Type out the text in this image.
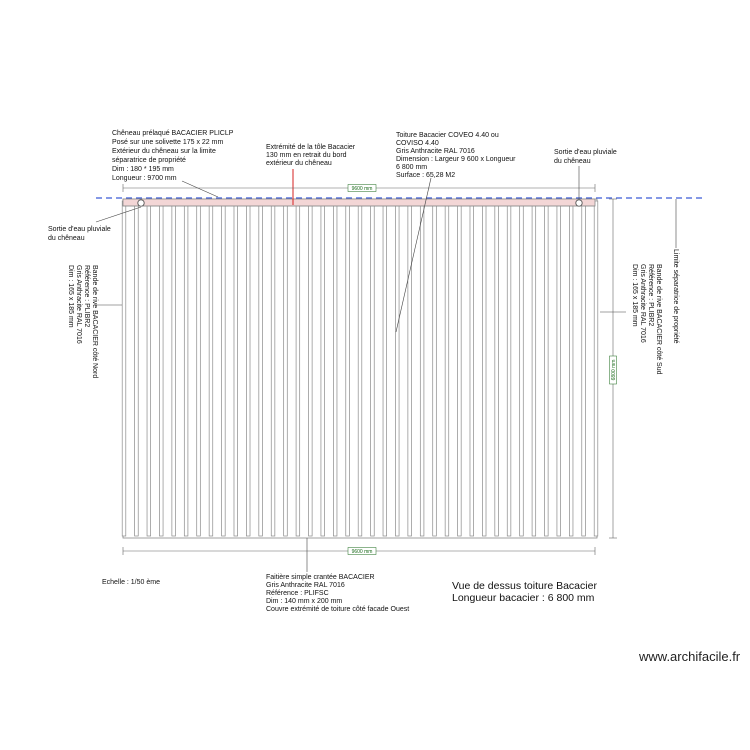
9600 mm
9600 mm
6800 mm
Limite séparatrice de propriété
Chêneau prélaqué BACACIER PLICLP
Posé sur une solivette 175 x 22 mm
Extérieur du chêneau sur la limite
séparatrice de propriété
Dim : 180 * 195 mm
Longueur : 9700 mm
Extrémité de la tôle Bacacier
130 mm en retrait du bord
extérieur du chêneau
Toiture Bacacier COVEO 4.40 ou
COVISO 4.40
Gris Anthracite RAL 7016
Dimension : Largeur 9 600 x Longueur
6 800 mm
Surface : 65,28 M2
Sortie d'eau pluviale
du chêneau
Sortie d'eau pluviale
du chêneau
Bande de rive BACACIER côté Nord
Référence : PLIBR2
Gris Anthracite RAL 7016
Dim : 165 x 185 mm	Bande de rive BACACIER côté Sud
Référence : PLIBR2
Gris Anthracite RAL 7016
Dim : 165 x 185 mm
Faitière simple crantée BACACIER
Gris Anthracite RAL 7016
Référence : PLIFSC
Dim : 140 mm x 200 mm
Couvre extrémité de toiture côté facade Ouest
Echelle : 1/50 ème	Vue de dessus toiture Bacacier
Longueur bacacier : 6 800 mm
www.archifacile.fr
